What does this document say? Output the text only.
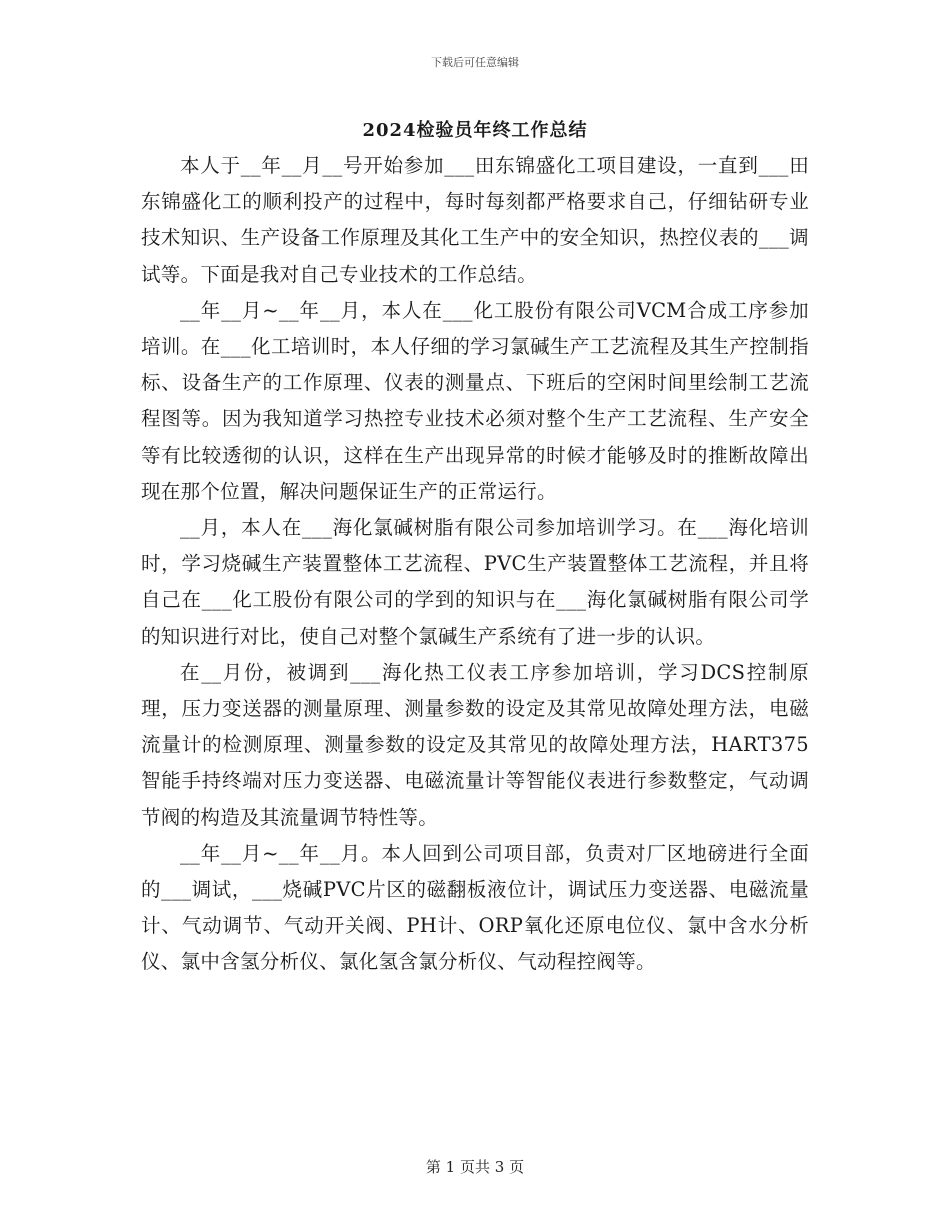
下载后可任意编辑
2024检验员年终工作总结

本人于__年__月__号开始参加___田东锦盛化工项目建设，一直到___田东锦盛化工的顺利投产的过程中，每时每刻都严格要求自己，仔细钻研专业技术知识、生产设备工作原理及其化工生产中的安全知识，热控仪表的___调试等。下面是我对自己专业技术的工作总结。

__年__月~__年__月，本人在___化工股份有限公司VCM合成工序参加培训。在___化工培训时，本人仔细的学习氯碱生产工艺流程及其生产控制指标、设备生产的工作原理、仪表的测量点、下班后的空闲时间里绘制工艺流程图等。因为我知道学习热控专业技术必须对整个生产工艺流程、生产安全等有比较透彻的认识，这样在生产出现异常的时候才能够及时的推断故障出现在那个位置，解决问题保证生产的正常运行。

__月，本人在___海化氯碱树脂有限公司参加培训学习。在___海化培训时，学习烧碱生产装置整体工艺流程、PVC生产装置整体工艺流程，并且将自己在___化工股份有限公司的学到的知识与在___海化氯碱树脂有限公司学的知识进行对比，使自己对整个氯碱生产系统有了进一步的认识。

在__月份，被调到___海化热工仪表工序参加培训，学习DCS控制原理，压力变送器的测量原理、测量参数的设定及其常见故障处理方法，电磁流量计的检测原理、测量参数的设定及其常见的故障处理方法，HART375智能手持终端对压力变送器、电磁流量计等智能仪表进行参数整定，气动调节阀的构造及其流量调节特性等。

__年__月~__年__月。本人回到公司项目部，负责对厂区地磅进行全面的___调试，___烧碱PVC片区的磁翻板液位计，调试压力变送器、电磁流量计、气动调节、气动开关阀、PH计、ORP氧化还原电位仪、氯中含水分析仪、氯中含氢分析仪、氯化氢含氯分析仪、气动程控阀等。

第 1 页共 3 页
